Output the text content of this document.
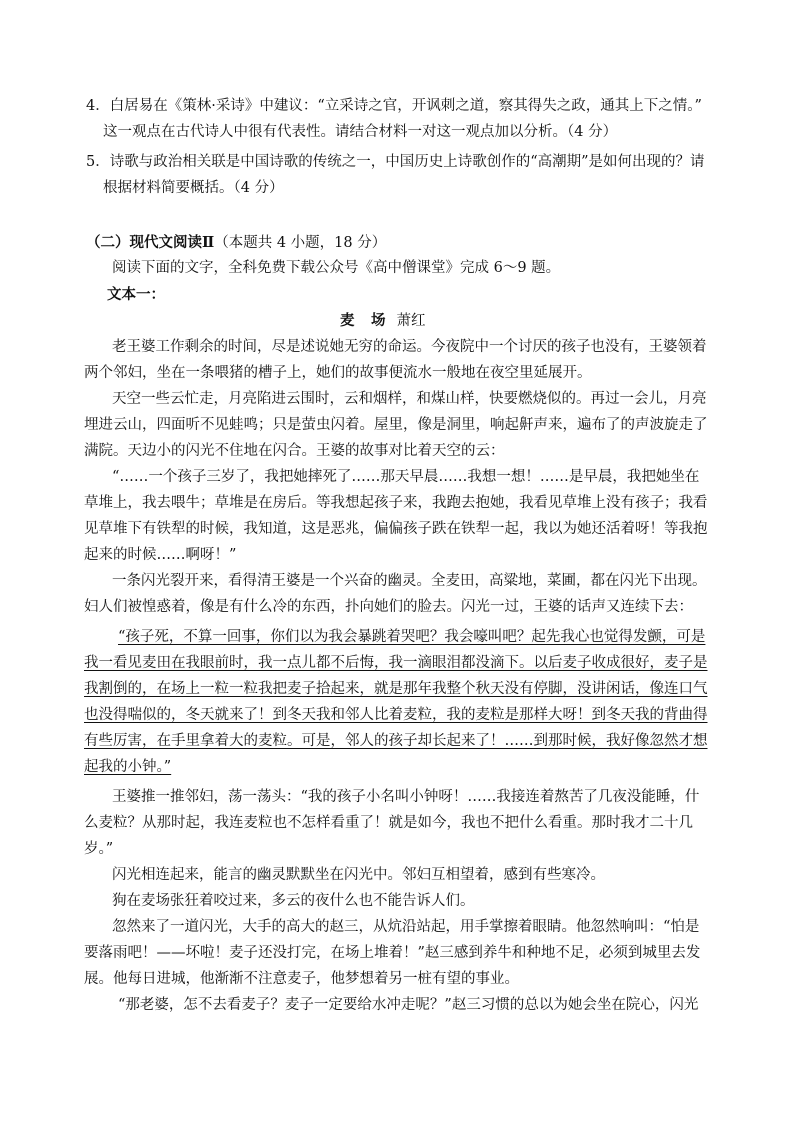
4．白居易在《策林·采诗》中建议：“立采诗之官，开讽刺之道，察其得失之政，通其上下之情。”
这一观点在古代诗人中很有代表性。请结合材料一对这一观点加以分析。（4 分）
5．诗歌与政治相关联是中国诗歌的传统之一，中国历史上诗歌创作的“高潮期”是如何出现的？请
根据材料简要概括。（4 分）
（二）现代文阅读Ⅱ（本题共 4 小题，18 分）
阅读下面的文字，全科免费下载公众号《高中僧课堂》完成 6～9 题。
文本一：
麦　场 萧红
老王婆工作剩余的时间，尽是述说她无穷的命运。今夜院中一个讨厌的孩子也没有，王婆领着
两个邻妇，坐在一条喂猪的槽子上，她们的故事便流水一般地在夜空里延展开。
天空一些云忙走，月亮陷进云围时，云和烟样，和煤山样，快要燃烧似的。再过一会儿，月亮
埋进云山，四面听不见蛙鸣；只是萤虫闪着。屋里，像是洞里，响起鼾声来，遍布了的声波旋走了
满院。天边小的闪光不住地在闪合。王婆的故事对比着天空的云：
“……一个孩子三岁了，我把她摔死了……那天早晨……我想一想！……是早晨，我把她坐在
草堆上，我去喂牛；草堆是在房后。等我想起孩子来，我跑去抱她，我看见草堆上没有孩子；我看
见草堆下有铁犁的时候，我知道，这是恶兆，偏偏孩子跌在铁犁一起，我以为她还活着呀！等我抱
起来的时候……啊呀！”
一条闪光裂开来，看得清王婆是一个兴奋的幽灵。全麦田，高粱地，菜圃，都在闪光下出现。
妇人们被惶惑着，像是有什么冷的东西，扑向她们的脸去。闪光一过，王婆的话声又连续下去：
“孩子死，不算一回事，你们以为我会暴跳着哭吧？我会嚎叫吧？起先我心也觉得发颤，可是
我一看见麦田在我眼前时，我一点儿都不后悔，我一滴眼泪都没滴下。以后麦子收成很好，麦子是
我割倒的，在场上一粒一粒我把麦子拾起来，就是那年我整个秋天没有停脚，没讲闲话，像连口气
也没得喘似的，冬天就来了！到冬天我和邻人比着麦粒，我的麦粒是那样大呀！到冬天我的背曲得
有些厉害，在手里拿着大的麦粒。可是，邻人的孩子却长起来了！……到那时候，我好像忽然才想
起我的小钟。”
王婆推一推邻妇，荡一荡头：“我的孩子小名叫小钟呀！……我接连着熬苦了几夜没能睡，什
么麦粒？从那时起，我连麦粒也不怎样看重了！就是如今，我也不把什么看重。那时我才二十几
岁。”
闪光相连起来，能言的幽灵默默坐在闪光中。邻妇互相望着，感到有些寒冷。
狗在麦场张狂着咬过来，多云的夜什么也不能告诉人们。
忽然来了一道闪光，大手的高大的赵三，从炕沿站起，用手掌擦着眼睛。他忽然响叫：“怕是
要落雨吧！——坏啦！麦子还没打完，在场上堆着！”赵三感到养牛和种地不足，必须到城里去发
展。他每日进城，他渐渐不注意麦子，他梦想着另一桩有望的事业。
“那老婆，怎不去看麦子？麦子一定要给水冲走呢？”赵三习惯的总以为她会坐在院心，闪光
